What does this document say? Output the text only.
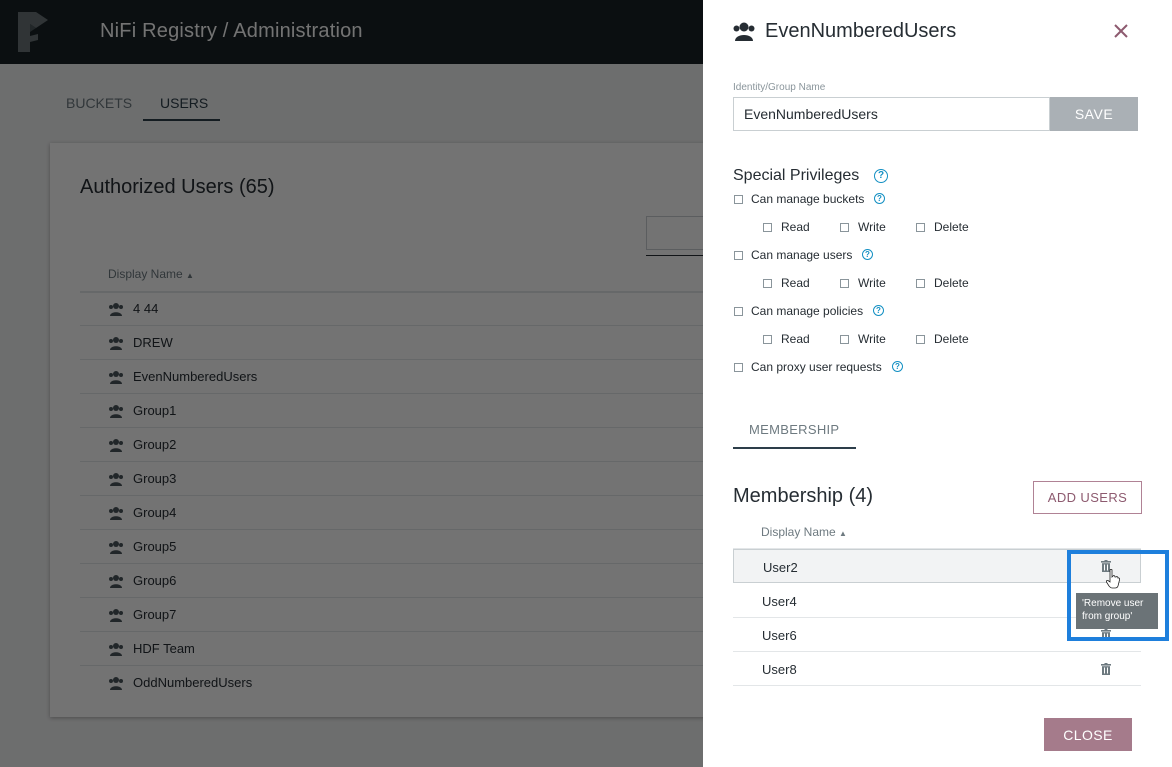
EvenNumberedUsers
Identity/Group Name
EvenNumberedUsers
SAVE
Special Privileges	?
Can manage buckets	?
Read	Write	Delete
Can manage users	?
Read	Write	Delete
Can manage policies	?
Read	Write	Delete
Can proxy user requests	?
MEMBERSHIP
Membership (4)	ADD USERS
Display Name ▲
User2
User4
User6
User8
'Remove user from group'
CLOSE
